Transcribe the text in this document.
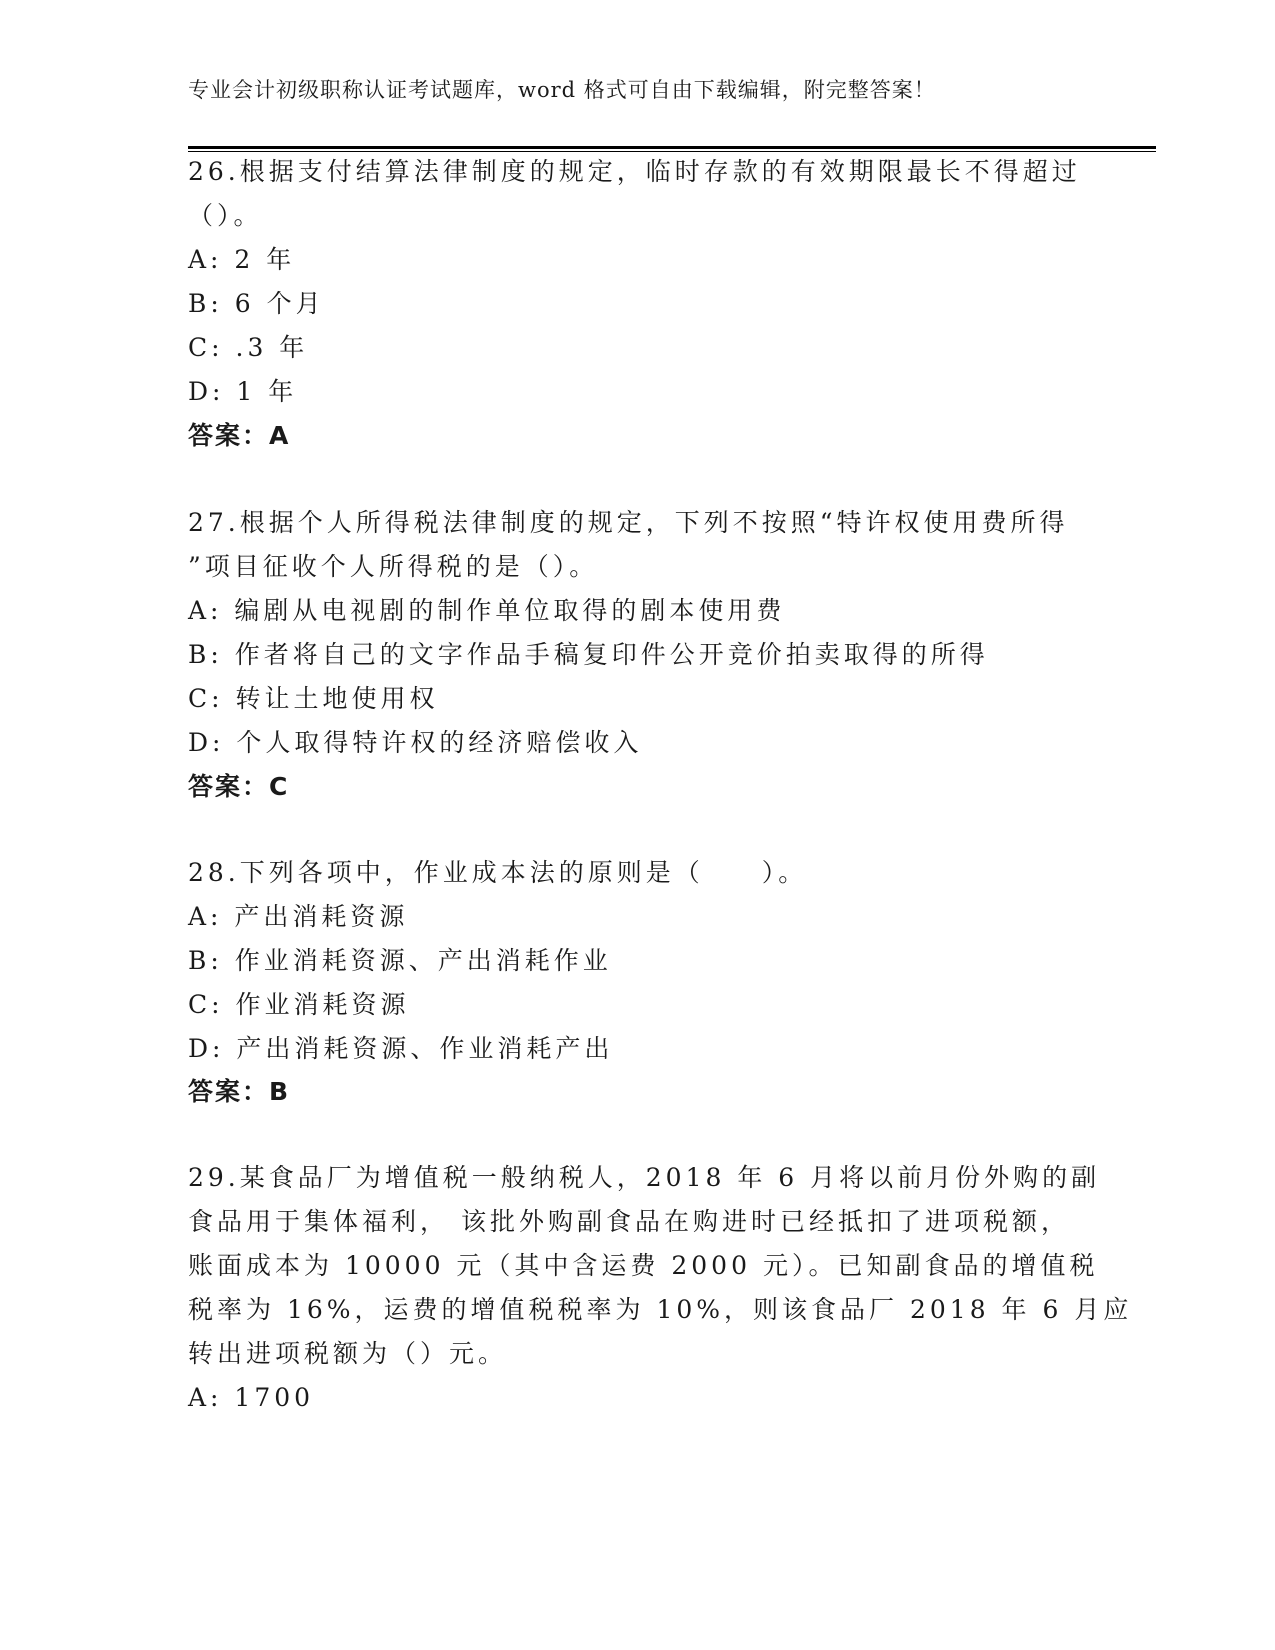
专业会计初级职称认证考试题库，word 格式可自由下载编辑，附完整答案！
26.根据支付结算法律制度的规定，临时存款的有效期限最长不得超过
（）。
A: 2 年
B: 6 个月
C: .3 年
D: 1 年
答案：A
27.根据个人所得税法律制度的规定，下列不按照“特许权使用费所得
”项目征收个人所得税的是（）。
A: 编剧从电视剧的制作单位取得的剧本使用费
B: 作者将自己的文字作品手稿复印件公开竞价拍卖取得的所得
C: 转让土地使用权
D: 个人取得特许权的经济赔偿收入
答案：C
28.下列各项中，作业成本法的原则是（　　）。
A: 产出消耗资源
B: 作业消耗资源、产出消耗作业
C: 作业消耗资源
D: 产出消耗资源、作业消耗产出
答案：B
29.某食品厂为增值税一般纳税人，2018 年 6 月将以前月份外购的副
食品用于集体福利， 该批外购副食品在购进时已经抵扣了进项税额，
账面成本为 10000 元（其中含运费 2000 元）。已知副食品的增值税
税率为 16%，运费的增值税税率为 10%，则该食品厂 2018 年 6 月应
转出进项税额为（）元。
A: 1700
